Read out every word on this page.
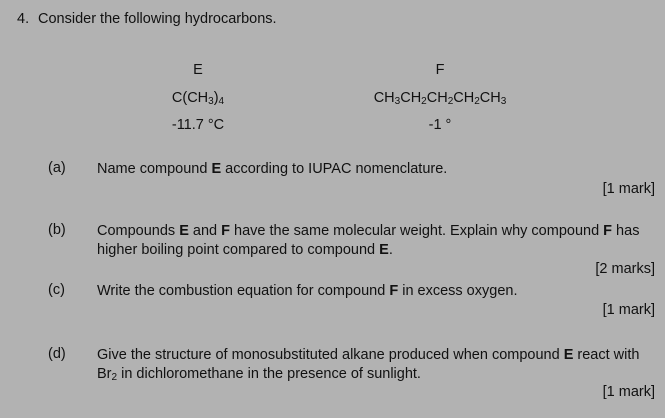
4. Consider the following hydrocarbons.
E
$C(CH_3)_4$
-11.7 °C
F
$CH_3CH_2CH_2CH_2CH_3$
-1 °
(a) Name compound E according to IUPAC nomenclature.
[1 mark]
(b) Compounds E and F have the same molecular weight. Explain why compound F has higher boiling point compared to compound E.
[2 marks]
(c) Write the combustion equation for compound F in excess oxygen.
[1 mark]
(d) Give the structure of monosubstituted alkane produced when compound E react with $Br_2$ in dichloromethane in the presence of sunlight.
[1 mark]
